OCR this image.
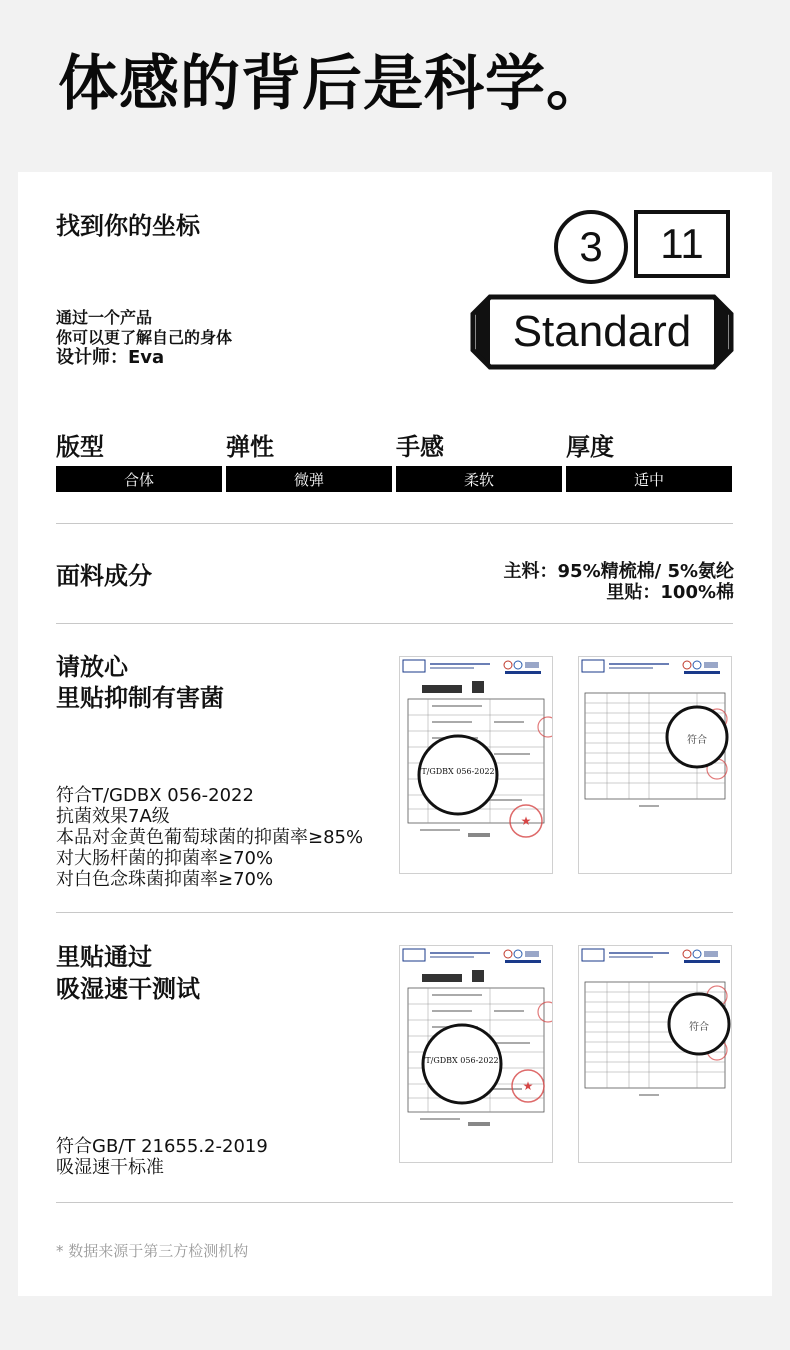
体感的背后是科学。
找到你的坐标
通过一个产品
你可以更了解自己的身体
设计师：Eva
3	11
Standard
版型
合体
弹性
微弹
手感
柔软
厚度
适中
面料成分	主料：95%精梳棉/ 5%氨纶
里贴：100%棉
请放心
里贴抑制有害菌
符合T/GDBX 056-2022
抗菌效果7A级
本品对金黄色葡萄球菌的抑菌率≥85%
对大肠杆菌的抑菌率≥70%
对白色念珠菌抑菌率≥70%
★
T/GDBX 056-2022
符合
里贴通过
吸湿速干测试
符合GB/T 21655.2-2019
吸湿速干标准
★
T/GDBX 056-2022
符合
* 数据来源于第三方检测机构
